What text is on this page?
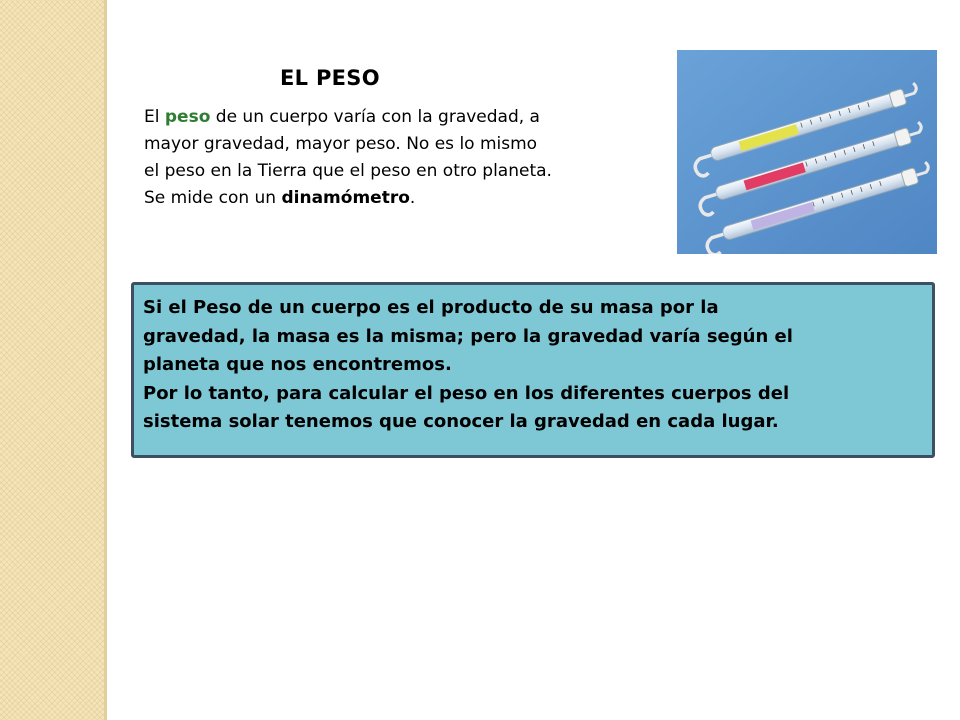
EL PESO
El peso de un cuerpo varía con la gravedad, a
mayor gravedad, mayor peso. No es lo mismo
el peso en la Tierra que el peso en otro planeta.
Se mide con un dinamómetro.
Si el Peso de un cuerpo es el producto de su masa por la
gravedad, la masa es la misma; pero la gravedad varía según el
planeta que nos encontremos.
Por lo tanto, para calcular el peso en los diferentes cuerpos del
sistema solar tenemos que conocer la gravedad en cada lugar.
